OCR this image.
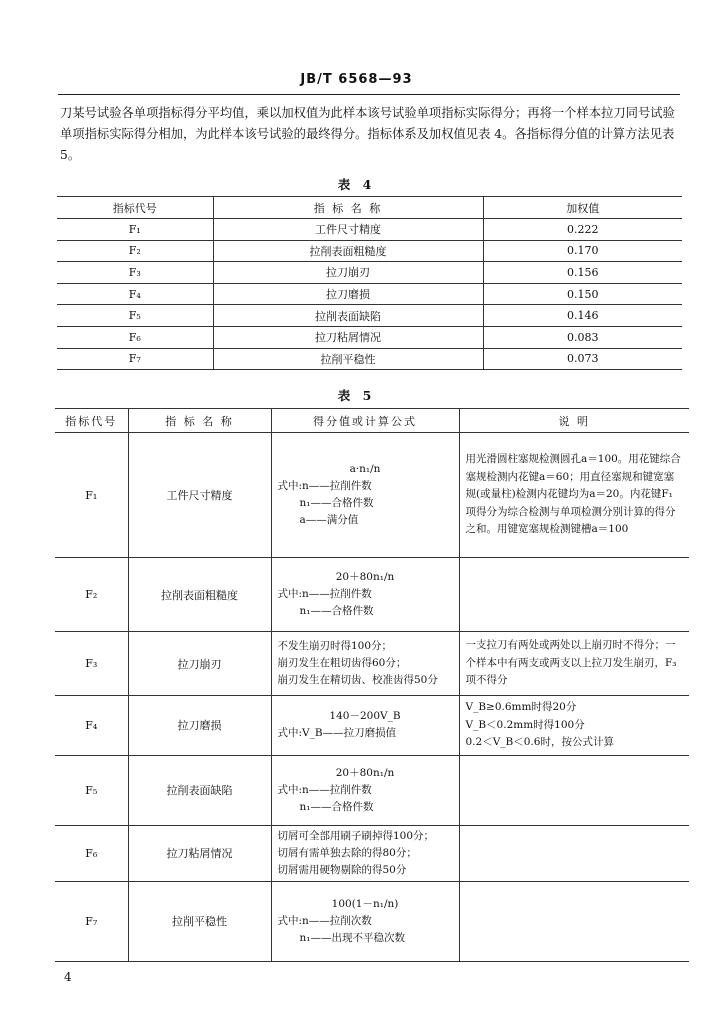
JB/T 6568—93

刀某号试验各单项指标得分平均值，乘以加权值为此样本该号试验单项指标实际得分；再将一个样本拉刀同号试验单项指标实际得分相加，为此样本该号试验的最终得分。指标体系及加权值见表 4。各指标得分值的计算方法见表 5。

表 4
指标代号	指 标 名 称	加权值
F₁	工件尺寸精度	0.222
F₂	拉削表面粗糙度	0.170
F₃	拉刀崩刃	0.156
F₄	拉刀磨损	0.150
F₅	拉削表面缺陷	0.146
F₆	拉刀粘屑情况	0.083
F₇	拉削平稳性	0.073
表 5
指标代号	指 标 名 称	得分值或计算公式	说 明
F₁	工件尺寸精度	a·n₁/n
式中:n——拉削件数
n₁——合格件数
a——满分值	用光滑圆柱塞规检测圆孔a＝100。用花键综合塞规检测内花键a＝60；用直径塞规和键宽塞规(或量柱)检测内花键均为a＝20。内花键F₁项得分为综合检测与单项检测分别计算的得分之和。用键宽塞规检测键槽a＝100
F₂	拉削表面粗糙度	20＋80n₁/n
式中:n——拉削件数
n₁——合格件数	

F₃	拉刀崩刃	不发生崩刃时得100分；
崩刃发生在粗切齿得60分；
崩刃发生在精切齿、校准齿得50分	一支拉刀有两处或两处以上崩刃时不得分；一个样本中有两支或两支以上拉刀发生崩刃，F₃项不得分
F₄	拉刀磨损	140－200V_B
式中:V_B——拉刀磨损值	V_B≥0.6mm时得20分
V_B＜0.2mm时得100分
0.2＜V_B＜0.6时，按公式计算
F₅	拉削表面缺陷	20＋80n₁/n
式中:n——拉削件数
n₁——合格件数	

F₆	拉刀粘屑情况	切屑可全部用刷子刷掉得100分；
切屑有需单独去除的得80分；
切屑需用硬物剔除的得50分	

F₇	拉削平稳性	100(1－n₁/n)
式中:n——拉削次数
n₁——出现不平稳次数	

4
